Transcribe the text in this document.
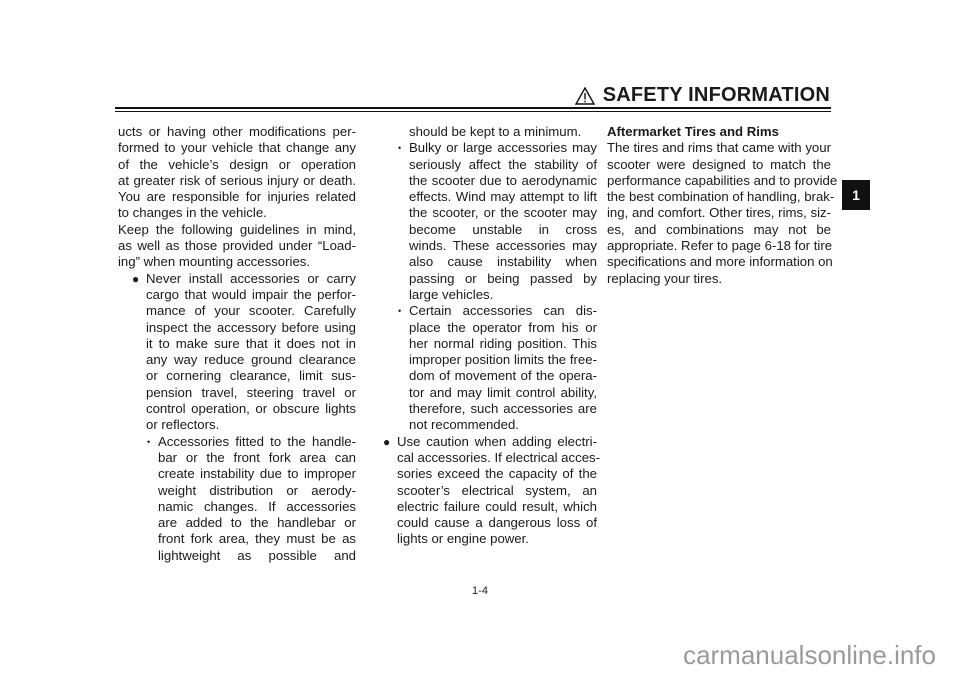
SAFETY INFORMATION
1
ucts or having other modifications per-
formed to your vehicle that change any
of the vehicle’s design or operation
at greater risk of serious injury or death.
You are responsible for injuries related
to changes in the vehicle.
Keep the following guidelines in mind,
as well as those provided under “Load-
ing” when mounting accessories.
● Never install accessories or carry
cargo that would impair the perfor-
mance of your scooter. Carefully
inspect the accessory before using
it to make sure that it does not in
any way reduce ground clearance
or cornering clearance, limit sus-
pension travel, steering travel or
control operation, or obscure lights
or reflectors.
• Accessories fitted to the handle-
bar or the front fork area can
create instability due to improper
weight distribution or aerody-
namic changes. If accessories
are added to the handlebar or
front fork area, they must be as
lightweight as possible and
should be kept to a minimum.
• Bulky or large accessories may
seriously affect the stability of
the scooter due to aerodynamic
effects. Wind may attempt to lift
the scooter, or the scooter may
become unstable in cross
winds. These accessories may
also cause instability when
passing or being passed by
large vehicles.
• Certain accessories can dis-
place the operator from his or
her normal riding position. This
improper position limits the free-
dom of movement of the opera-
tor and may limit control ability,
therefore, such accessories are
not recommended.
● Use caution when adding electri-
cal accessories. If electrical acces-
sories exceed the capacity of the
scooter’s electrical system, an
electric failure could result, which
could cause a dangerous loss of
lights or engine power.
Aftermarket Tires and Rims
The tires and rims that came with your
scooter were designed to match the
performance capabilities and to provide
the best combination of handling, brak-
ing, and comfort. Other tires, rims, siz-
es, and combinations may not be
appropriate. Refer to page 6-18 for tire
specifications and more information on
replacing your tires.
1-4
carmanualsonline.info
